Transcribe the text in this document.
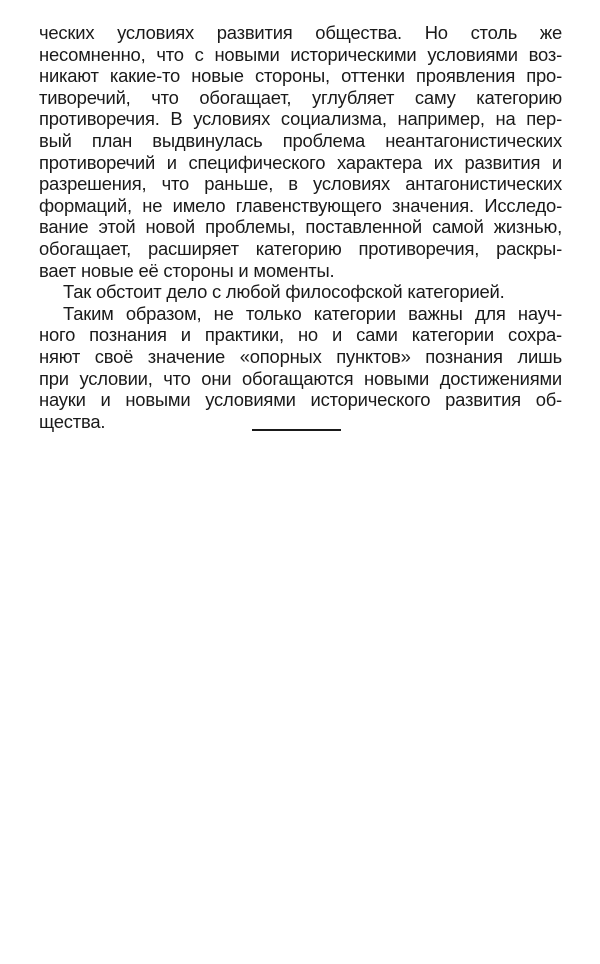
ческих условиях развития общества. Но столь же
несомненно, что с новыми историческими условиями воз-
никают какие-то новые стороны, оттенки проявления про-
тиворечий, что обогащает, углубляет саму категорию
противоречия. В условиях социализма, например, на пер-
вый план выдвинулась проблема неантагонистических
противоречий и специфического характера их развития и
разрешения, что раньше, в условиях антагонистических
формаций, не имело главенствующего значения. Исследо-
вание этой новой проблемы, поставленной самой жизнью,
обогащает, расширяет категорию противоречия, раскры-
вает новые её стороны и моменты.
Так обстоит дело с любой философской категорией.
Таким образом, не только категории важны для науч-
ного познания и практики, но и сами категории сохра-
няют своё значение «опорных пунктов» познания лишь
при условии, что они обогащаются новыми достижениями
науки и новыми условиями исторического развития об-
щества.
